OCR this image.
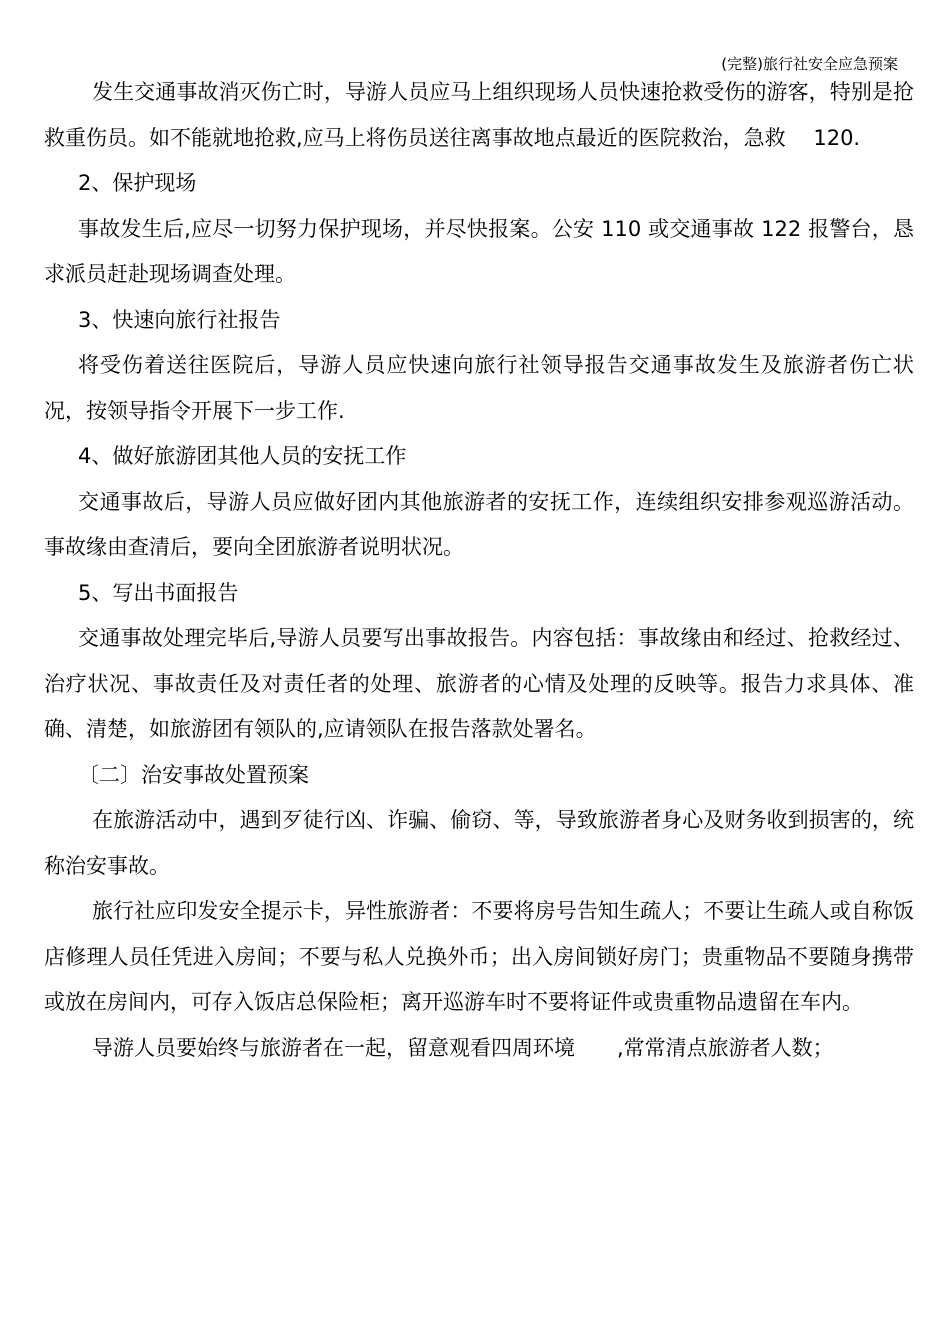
(完整)旅行社安全应急预案

发生交通事故消灭伤亡时，导游人员应马上组织现场人员快速抢救受伤的游客，特别是抢救重伤员。如不能就地抢救,应马上将伤员送往离事故地点最近的医院救治，急救　 120.

2、保护现场

事故发生后,应尽一切努力保护现场，并尽快报案。公安 110 或交通事故 122 报警台，恳求派员赶赴现场调查处理。

3、快速向旅行社报告

将受伤着送往医院后，导游人员应快速向旅行社领导报告交通事故发生及旅游者伤亡状况，按领导指令开展下一步工作.

4、做好旅游团其他人员的安抚工作

交通事故后，导游人员应做好团内其他旅游者的安抚工作，连续组织安排参观巡游活动。事故缘由查清后，要向全团旅游者说明状况。

5、写出书面报告

交通事故处理完毕后,导游人员要写出事故报告。内容包括：事故缘由和经过、抢救经过、治疗状况、事故责任及对责任者的处理、旅游者的心情及处理的反映等。报告力求具体、准确、清楚，如旅游团有领队的,应请领队在报告落款处署名。

〔二〕治安事故处置预案

在旅游活动中，遇到歹徒行凶、诈骗、偷窃、等，导致旅游者身心及财务收到损害的，统称治安事故。

旅行社应印发安全提示卡，异性旅游者：不要将房号告知生疏人；不要让生疏人或自称饭店修理人员任凭进入房间；不要与私人兑换外币；出入房间锁好房门；贵重物品不要随身携带或放在房间内，可存入饭店总保险柜；离开巡游车时不要将证件或贵重物品遗留在车内。

导游人员要始终与旅游者在一起，留意观看四周环境　　,常常清点旅游者人数；
